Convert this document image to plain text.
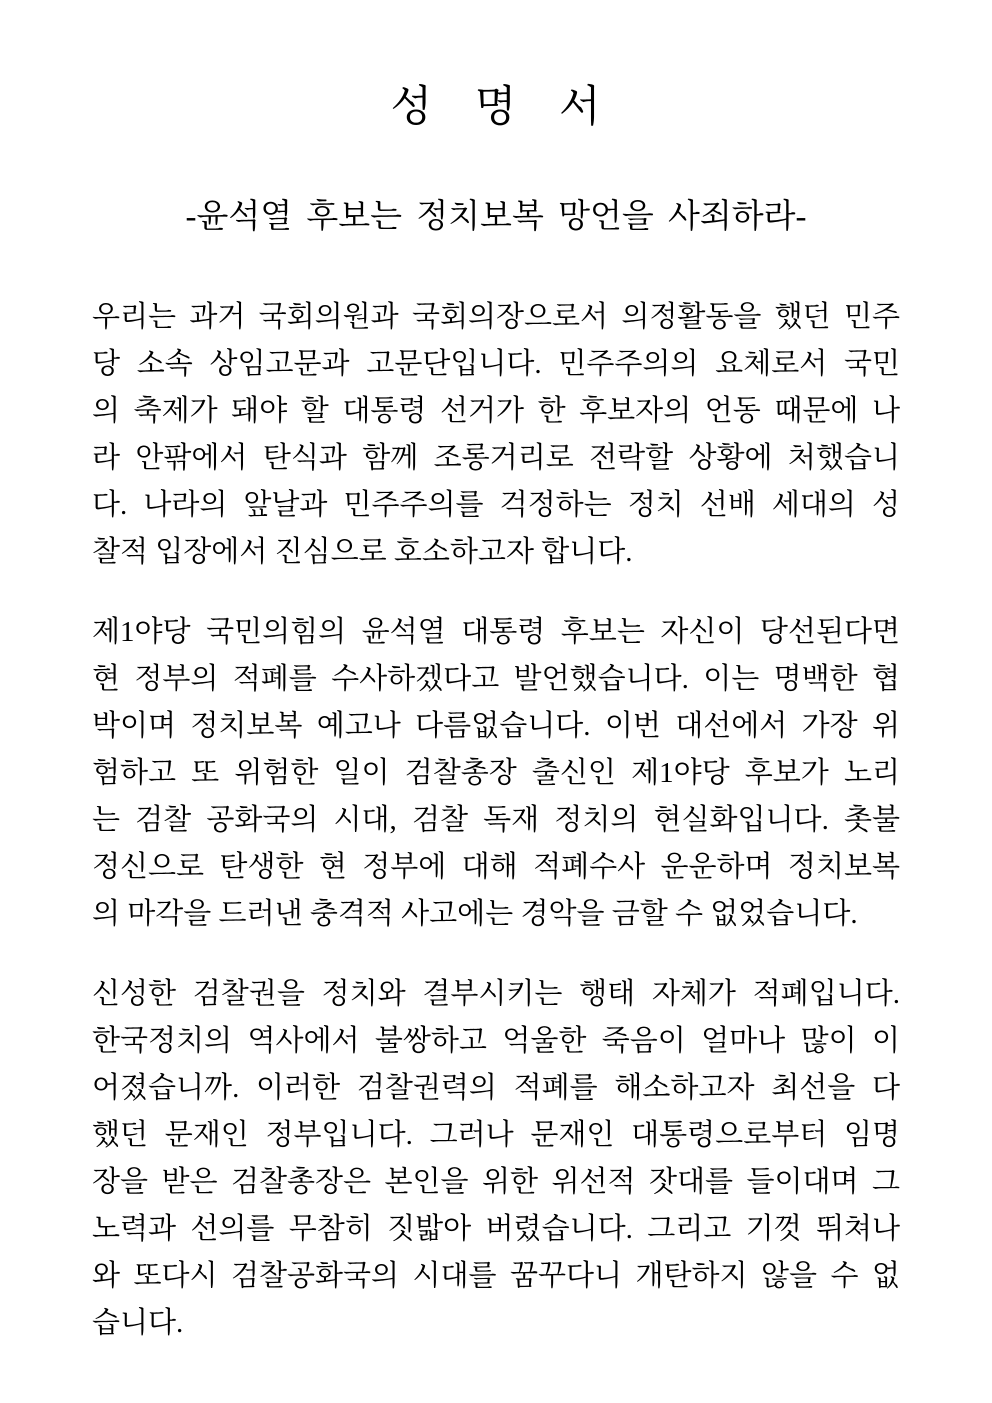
성 명 서
-윤석열 후보는 정치보복 망언을 사죄하라-
우리는 과거 국회의원과 국회의장으로서 의정활동을 했던 민주
당 소속 상임고문과 고문단입니다. 민주주의의 요체로서 국민
의 축제가 돼야 할 대통령 선거가 한 후보자의 언동 때문에 나
라 안팎에서 탄식과 함께 조롱거리로 전락할 상황에 처했습니
다. 나라의 앞날과 민주주의를 걱정하는 정치 선배 세대의 성
찰적 입장에서 진심으로 호소하고자 합니다.
제1야당 국민의힘의 윤석열 대통령 후보는 자신이 당선된다면
현 정부의 적폐를 수사하겠다고 발언했습니다. 이는 명백한 협
박이며 정치보복 예고나 다름없습니다. 이번 대선에서 가장 위
험하고 또 위험한 일이 검찰총장 출신인 제1야당 후보가 노리
는 검찰 공화국의 시대, 검찰 독재 정치의 현실화입니다. 촛불
정신으로 탄생한 현 정부에 대해 적폐수사 운운하며 정치보복
의 마각을 드러낸 충격적 사고에는 경악을 금할 수 없었습니다.
신성한 검찰권을 정치와 결부시키는 행태 자체가 적폐입니다.
한국정치의 역사에서 불쌍하고 억울한 죽음이 얼마나 많이 이
어졌습니까. 이러한 검찰권력의 적폐를 해소하고자 최선을 다
했던 문재인 정부입니다. 그러나 문재인 대통령으로부터 임명
장을 받은 검찰총장은 본인을 위한 위선적 잣대를 들이대며 그
노력과 선의를 무참히 짓밟아 버렸습니다. 그리고 기껏 뛰쳐나
와 또다시 검찰공화국의 시대를 꿈꾸다니 개탄하지 않을 수 없
습니다.
